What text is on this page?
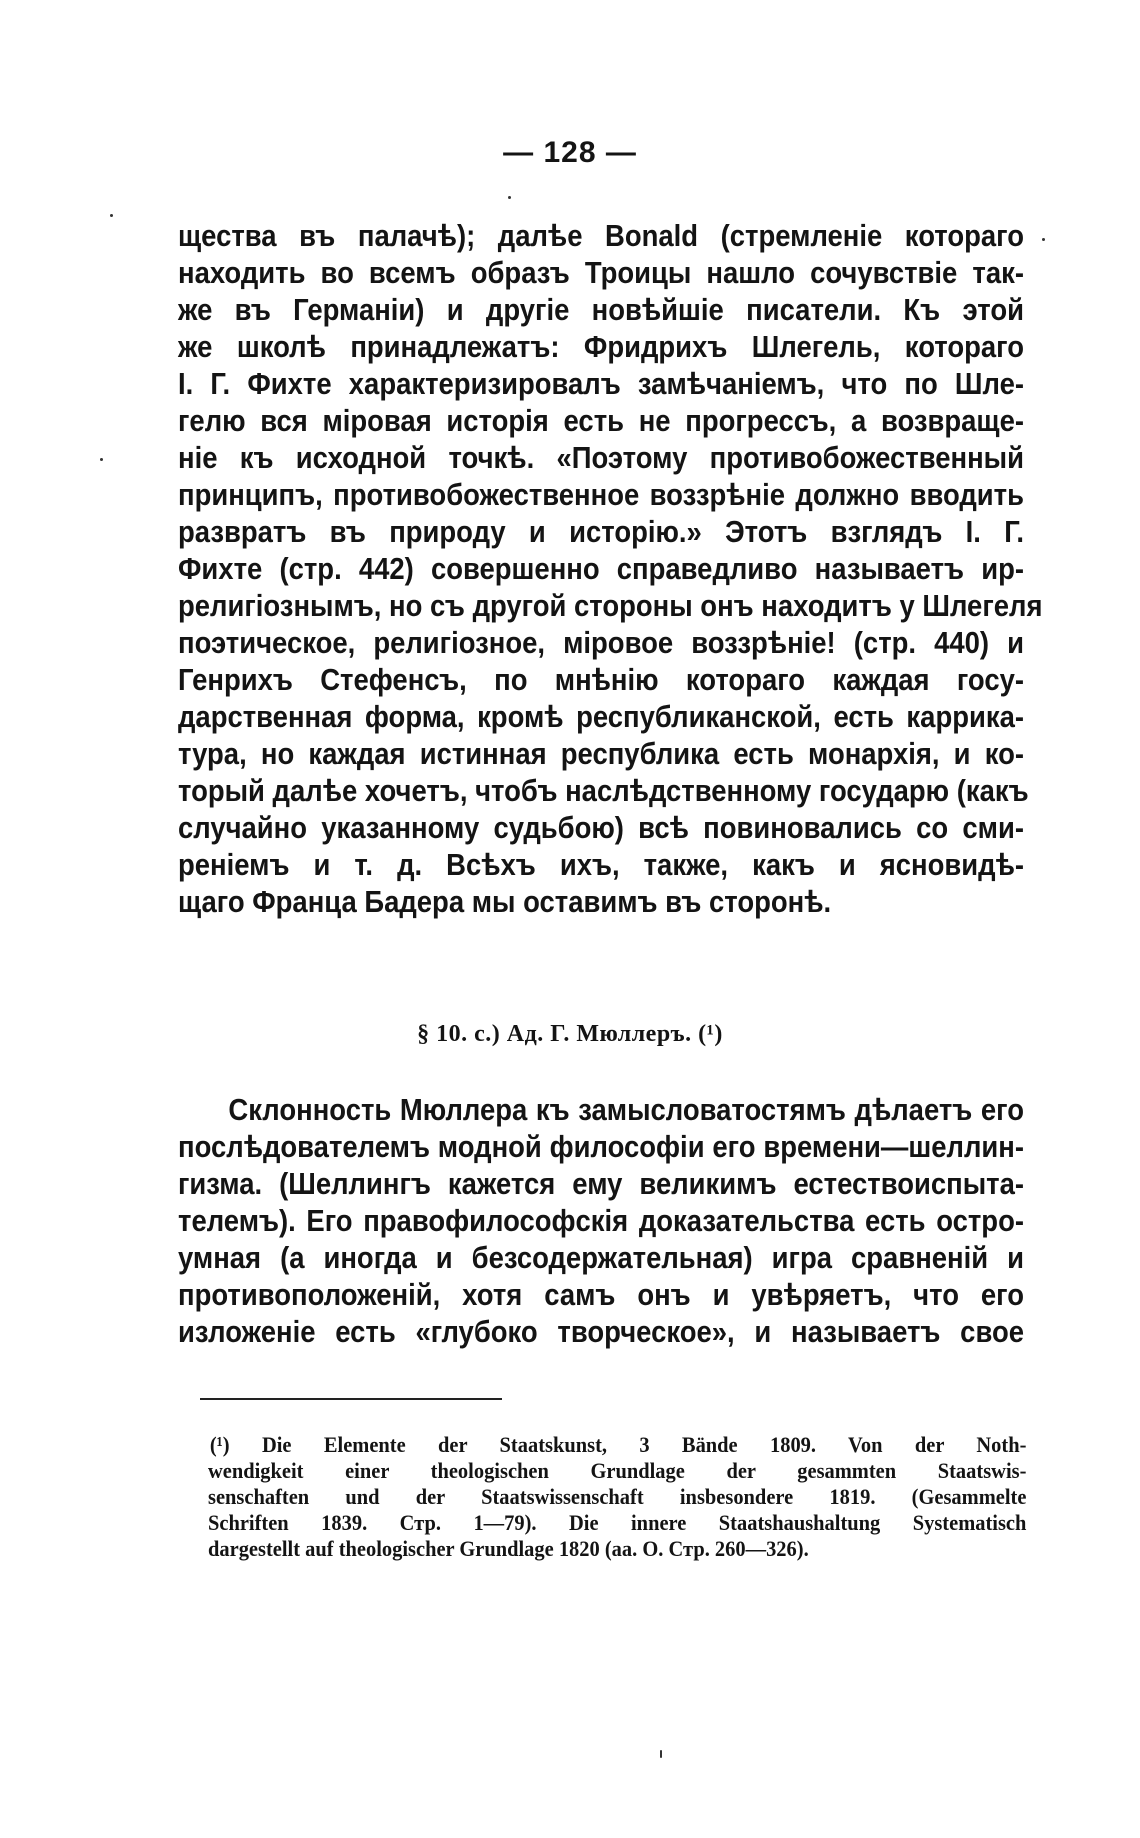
— 128 —
щества въ палачѣ); далѣе Bonald (стремленіе котораго
находить во всемъ образъ Троицы нашло сочувствіе так-
же въ Германіи) и другіе новѣйшіе писатели. Къ этой
же школѣ принадлежатъ: Фридрихъ Шлегель, котораго
І. Г. Фихте характеризировалъ замѣчаніемъ, что по Шле-
гелю вся міровая исторія есть не прогрессъ, а возвраще-
ніе къ исходной точкѣ. «Поэтому противобожественный
принципъ, противобожественное воззрѣніе должно вводить
развратъ въ природу и исторію.» Этотъ взглядъ І. Г.
Фихте (стр. 442) совершенно справедливо называетъ ир-
религіознымъ, но съ другой стороны онъ находитъ у Шлегеля
поэтическое, религіозное, міровое воззрѣніе! (стр. 440) и
Генрихъ Стефенсъ, по мнѣнію котораго каждая госу-
дарственная форма, кромѣ республиканской, есть каррика-
тура, но каждая истинная республика есть монархія, и ко-
торый далѣе хочетъ, чтобъ наслѣдственному государю (какъ
случайно указанному судьбою) всѣ повиновались со сми-
реніемъ и т. д. Всѣхъ ихъ, также, какъ и ясновидѣ-
щаго Франца Бадера мы оставимъ въ сторонѣ.
§ 10. c.) Ад. Г. Мюллеръ. (¹)
Склонность Мюллера къ замысловатостямъ дѣлаетъ его
послѣдователемъ модной философіи его времени—шеллин-
гизма. (Шеллингъ кажется ему великимъ естествоиспыта-
телемъ). Его правофилософскія доказательства есть остро-
умная (а иногда и безсодержательная) игра сравненій и
противоположеній, хотя самъ онъ и увѣряетъ, что его
изложеніе есть «глубоко творческое», и называетъ свое
(¹) Die Elemente der Staatskunst, 3 Bände 1809. Von der Noth-
wendigkeit einer theologischen Grundlage der gesammten Staatswis-
senschaften und der Staatswissenschaft insbesondere 1819. (Gesammelte
Schriften 1839. Стр. 1—79). Die innere Staatshaushaltung Systematisch
dargestellt auf theologischer Grundlage 1820 (аа. О. Стр. 260—326).
